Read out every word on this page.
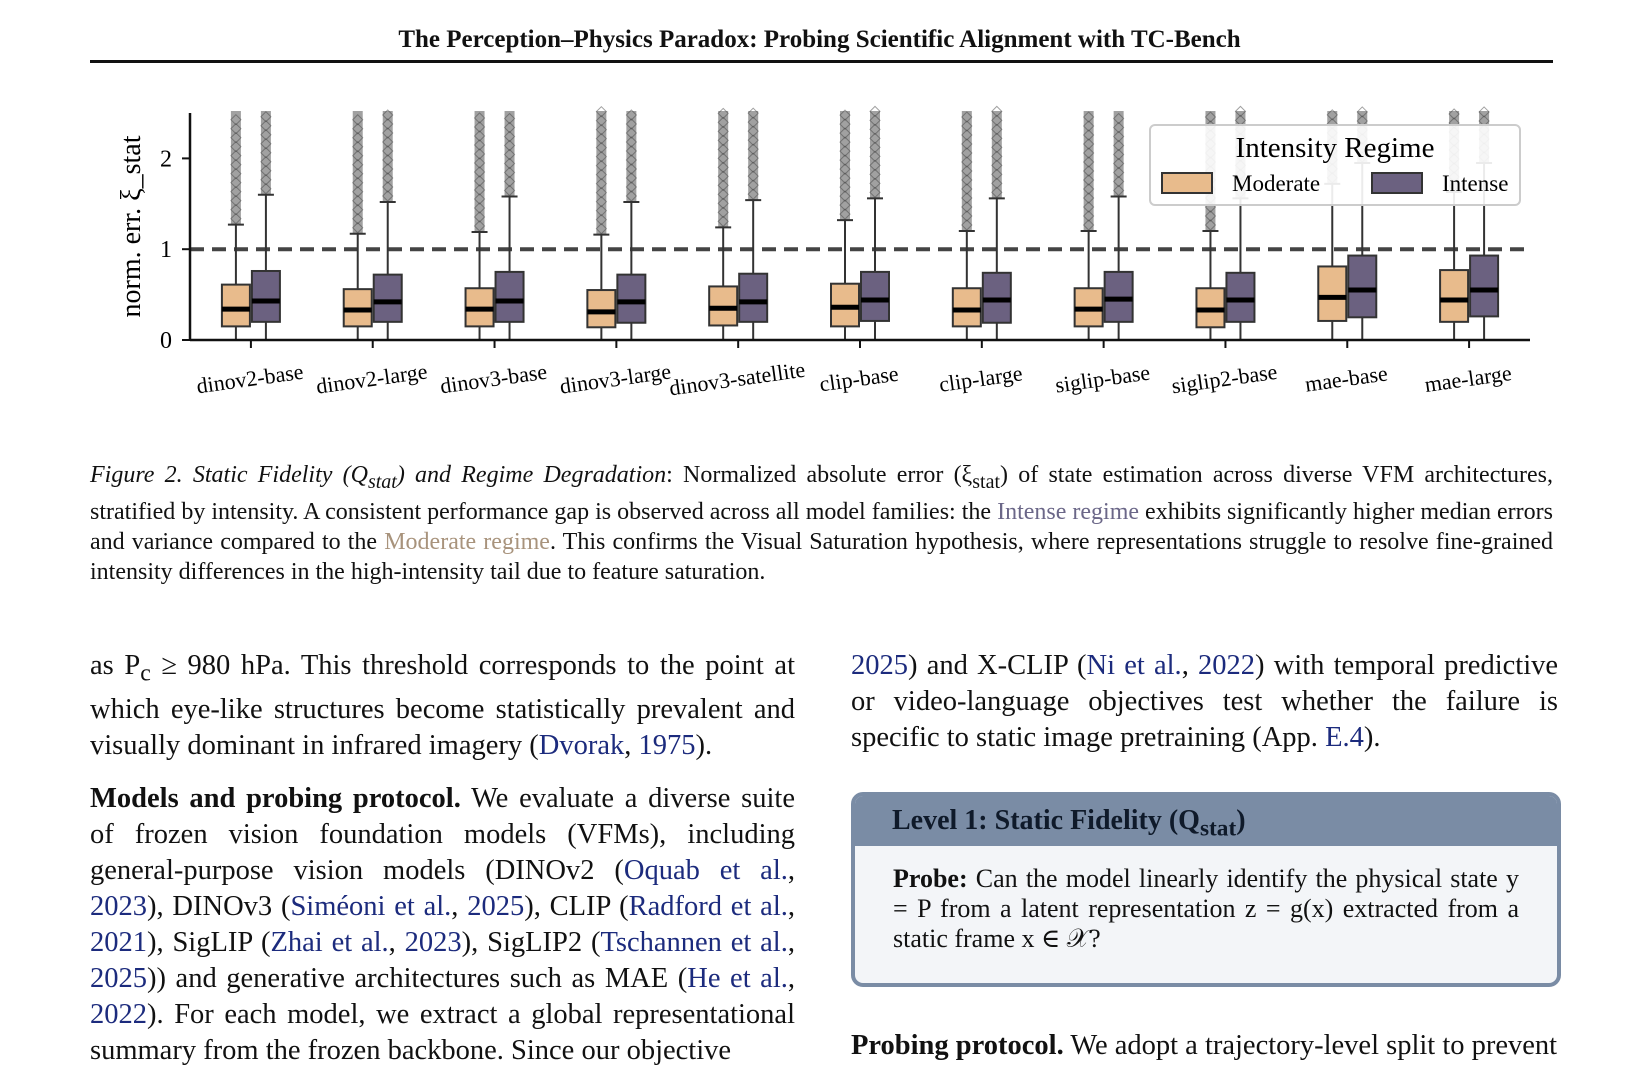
The Perception–Physics Paradox: Probing Scientific Alignment with TC-Bench
dinov2-base dinov2-large dinov3-base dinov3-large
dinov3-satellite clip-base clip-large siglip-base siglip2-base mae-base mae-large
0
1
2
norm. err. ξ_stat	Intensity Regime
Moderate	Intense
Figure 2. Static Fidelity $(Q_{stat})$ and Regime Degradation: Normalized absolute error $(\xi_{stat})$ of state estimation across diverse VFM architectures, stratified by intensity. A consistent performance gap is observed across all model families: the Intense regime exhibits significantly higher median errors and variance compared to the Moderate regime. This confirms the Visual Saturation hypothesis, where representations struggle to resolve fine-grained intensity differences in the high-intensity tail due to feature saturation.

as $P_c \ge 980$ hPa. This threshold corresponds to the point at which eye-like structures become statistically prevalent and visually dominant in infrared imagery (Dvorak, 1975).

Models and probing protocol. We evaluate a diverse suite of frozen vision foundation models (VFMs), including general-purpose vision models (DINOv2 (Oquab et al., 2023), DINOv3 (Siméoni et al., 2025), CLIP (Radford et al., 2021), SigLIP (Zhai et al., 2023), SigLIP2 (Tschannen et al., 2025)) and generative architectures such as MAE (He et al., 2022). For each model, we extract a global representational summary from the frozen backbone. Since our objective

2025) and X-CLIP (Ni et al., 2022) with temporal predictive or video-language objectives test whether the failure is specific to static image pretraining (App. E.4).

Level 1: Static Fidelity $(Q_{stat})$
Probe: Can the model linearly identify the physical state y = P from a latent representation z = g(x) extracted from a static frame x ∈ 𝒳?
Probing protocol. We adopt a trajectory-level split to prevent
